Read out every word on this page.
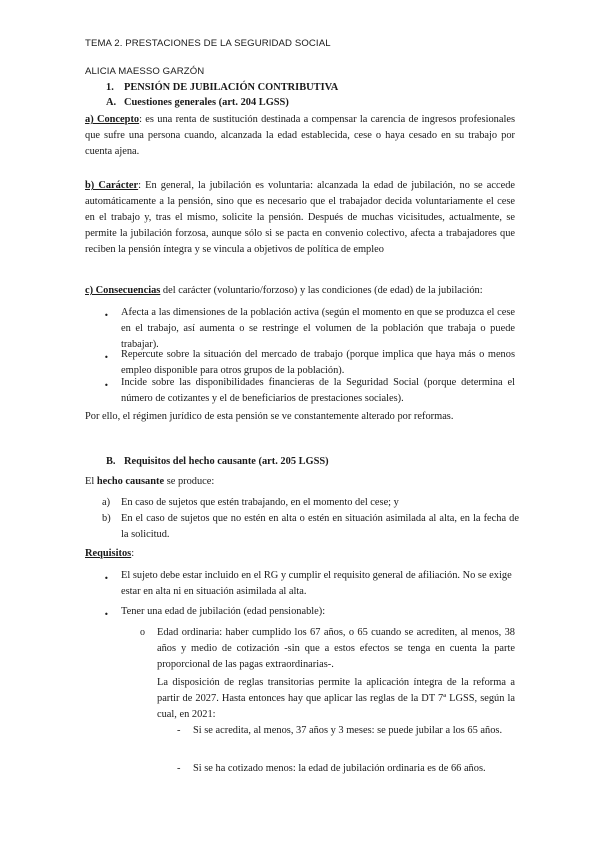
TEMA 2. PRESTACIONES DE LA SEGURIDAD SOCIAL
ALICIA MAESSO GARZÓN
1. PENSIÓN DE JUBILACIÓN CONTRIBUTIVA
A. Cuestiones generales (art. 204 LGSS)

a) Concepto: es una renta de sustitución destinada a compensar la carencia de ingresos profesionales que sufre una persona cuando, alcanzada la edad establecida, cese o haya cesado en su trabajo por cuenta ajena.

b) Carácter: En general, la jubilación es voluntaria: alcanzada la edad de jubilación, no se accede automáticamente a la pensión, sino que es necesario que el trabajador decida voluntariamente el cese en el trabajo y, tras el mismo, solicite la pensión. Después de muchas vicisitudes, actualmente, se permite la jubilación forzosa, aunque sólo si se pacta en convenio colectivo, afecta a trabajadores que reciben la pensión íntegra y se vincula a objetivos de política de empleo

c) Consecuencias del carácter (voluntario/forzoso) y las condiciones (de edad) de la jubilación:

• Afecta a las dimensiones de la población activa (según el momento en que se produzca el cese en el trabajo, así aumenta o se restringe el volumen de la población que trabaja o puede trabajar).

• Repercute sobre la situación del mercado de trabajo (porque implica que haya más o menos empleo disponible para otros grupos de la población).

• Incide sobre las disponibilidades financieras de la Seguridad Social (porque determina el número de cotizantes y el de beneficiarios de prestaciones sociales).

Por ello, el régimen jurídico de esta pensión se ve constantemente alterado por reformas.

B. Requisitos del hecho causante (art. 205 LGSS)

El hecho causante se produce:

a) En caso de sujetos que estén trabajando, en el momento del cese; y

b) En el caso de sujetos que no estén en alta o estén en situación asimilada al alta, en la fecha de la solicitud.

Requisitos:

• El sujeto debe estar incluido en el RG y cumplir el requisito general de afiliación. No se exige estar en alta ni en situación asimilada al alta.

• Tener una edad de jubilación (edad pensionable):

o Edad ordinaria: haber cumplido los 67 años, o 65 cuando se acrediten, al menos, 38 años y medio de cotización -sin que a estos efectos se tenga en cuenta la parte proporcional de las pagas extraordinarias-.

La disposición de reglas transitorias permite la aplicación íntegra de la reforma a partir de 2027. Hasta entonces hay que aplicar las reglas de la DT 7ª LGSS, según la cual, en 2021:

- Si se acredita, al menos, 37 años y 3 meses: se puede jubilar a los 65 años.

- Si se ha cotizado menos: la edad de jubilación ordinaria es de 66 años.
